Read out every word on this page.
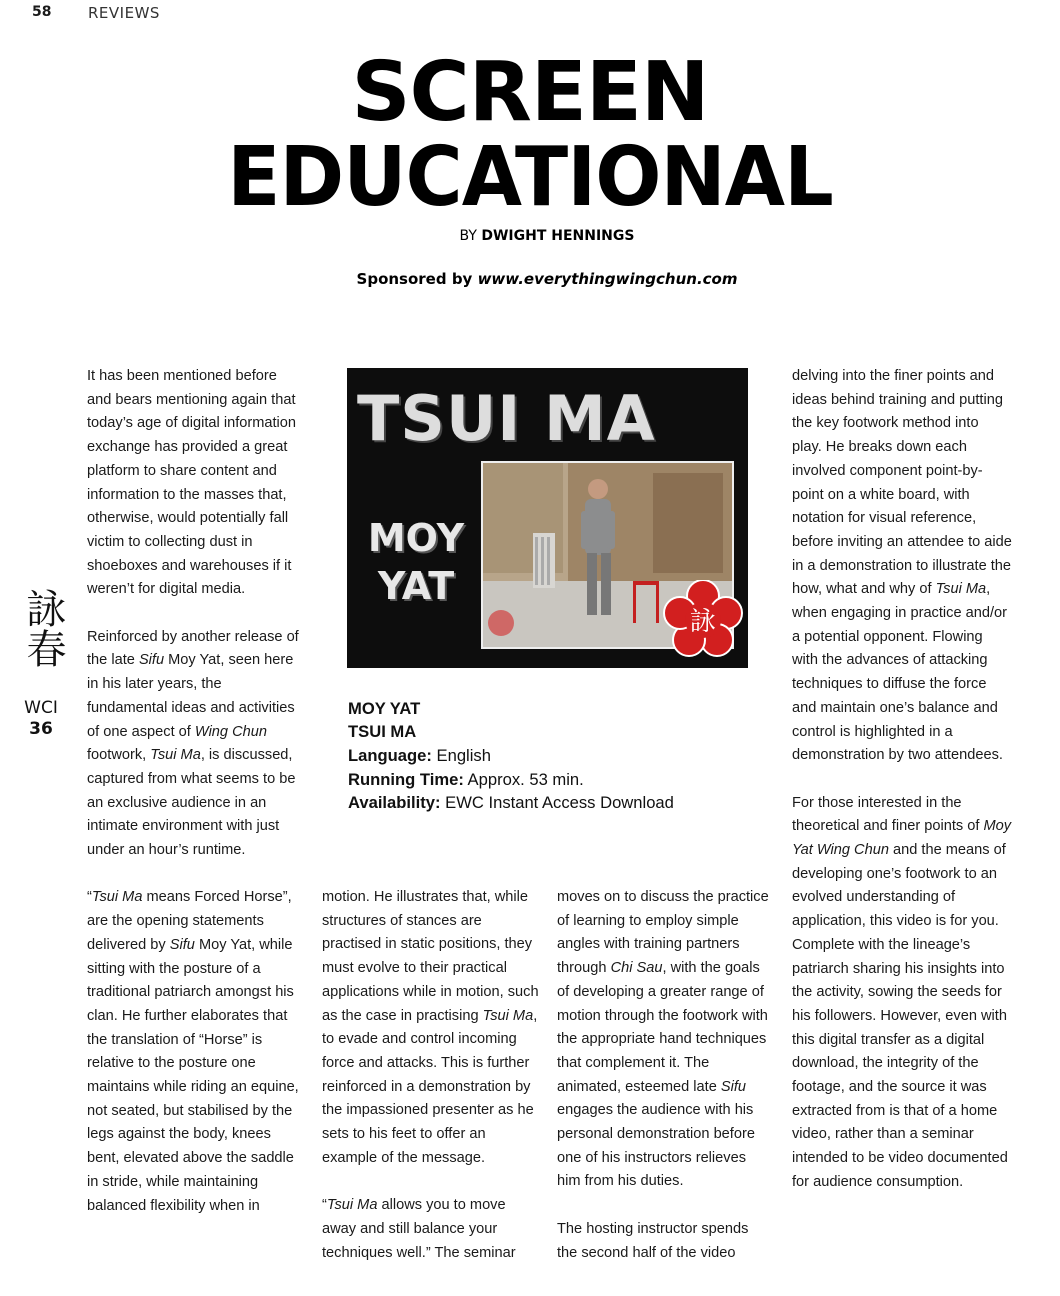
58 REVIEWS
SCREEN
EDUCATIONAL
BY DWIGHT HENNINGS
Sponsored by www.everythingwingchun.com
詠春
WCI
36

It has been mentioned before and bears mentioning again that today’s age of digital information exchange has provided a great platform to share content and information to the masses that, otherwise, would potentially fall victim to collecting dust in shoeboxes and warehouses if it weren’t for digital media.

Reinforced by another release of the late Sifu Moy Yat, seen here in his later years, the fundamental ideas and activities of one aspect of Wing Chun footwork, Tsui Ma, is discussed, captured from what seems to be an exclusive audience in an intimate environment with just under an hour’s runtime.

“Tsui Ma means Forced Horse”, are the opening statements delivered by Sifu Moy Yat, while sitting with the posture of a traditional patriarch amongst his clan. He further elaborates that the translation of “Horse” is relative to the posture one maintains while riding an equine, not seated, but stabilised by the legs against the body, knees bent, elevated above the saddle in stride, while maintaining balanced flexibility when in

TSUI MA
MOY
YAT
詠
MOY YAT
TSUI MA
Language: English
Running Time: Approx. 53 min.
Availability: EWC Instant Access Download

motion. He illustrates that, while structures of stances are practised in static positions, they must evolve to their practical applications while in motion, such as the case in practising Tsui Ma, to evade and control incoming force and attacks. This is further reinforced in a demonstration by the impassioned presenter as he sets to his feet to offer an example of the message.

“Tsui Ma allows you to move away and still balance your techniques well.” The seminar

moves on to discuss the practice of learning to employ simple angles with training partners through Chi Sau, with the goals of developing a greater range of motion through the footwork with the appropriate hand techniques that complement it. The animated, esteemed late Sifu engages the audience with his personal demonstration before one of his instructors relieves him from his duties.

The hosting instructor spends the second half of the video

delving into the finer points and ideas behind training and putting the key footwork method into play. He breaks down each involved component point-by-point on a white board, with notation for visual reference, before inviting an attendee to aide in a demonstration to illustrate the how, what and why of Tsui Ma, when engaging in practice and/or a potential opponent. Flowing with the advances of attacking techniques to diffuse the force and maintain one’s balance and control is highlighted in a demonstration by two attendees.

For those interested in the theoretical and finer points of Moy Yat Wing Chun and the means of developing one’s footwork to an evolved understanding of application, this video is for you. Complete with the lineage’s patriarch sharing his insights into the activity, sowing the seeds for his followers. However, even with this digital transfer as a digital download, the integrity of the footage, and the source it was extracted from is that of a home video, rather than a seminar intended to be video documented for audience consumption.
